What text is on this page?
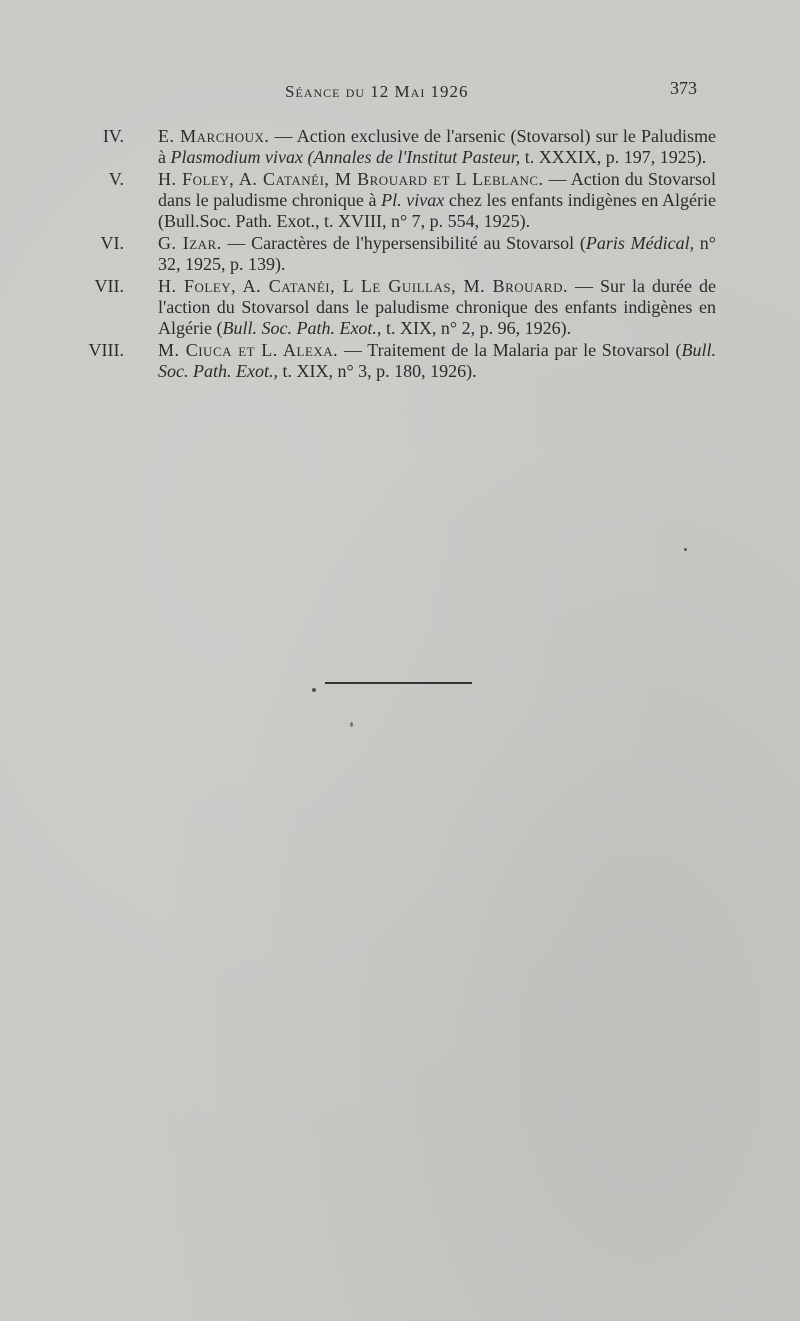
Séance du 12 Mai 1926	373
IV. E. Marchoux. — Action exclusive de l'arsenic (Stovarsol) sur le Paludisme à Plasmodium vivax (Annales de l'Institut Pasteur, t. XXXIX, p. 197, 1925).
V. H. Foley, A. Catanéi, M Brouard et L Leblanc. — Action du Stovarsol dans le paludisme chronique à Pl. vivax chez les enfants indigènes en Algérie (Bull.Soc. Path. Exot., t. XVIII, n° 7, p. 554, 1925).
VI. G. Izar. — Caractères de l'hypersensibilité au Stovarsol (Paris Médical, n° 32, 1925, p. 139).
VII. H. Foley, A. Catanéi, L Le Guillas, M. Brouard. — Sur la durée de l'action du Stovarsol dans le paludisme chronique des enfants indigènes en Algérie (Bull. Soc. Path. Exot., t. XIX, n° 2, p. 96, 1926).
VIII. M. Ciuca et L. Alexa. — Traitement de la Malaria par le Stovarsol (Bull. Soc. Path. Exot., t. XIX, n° 3, p. 180, 1926).
